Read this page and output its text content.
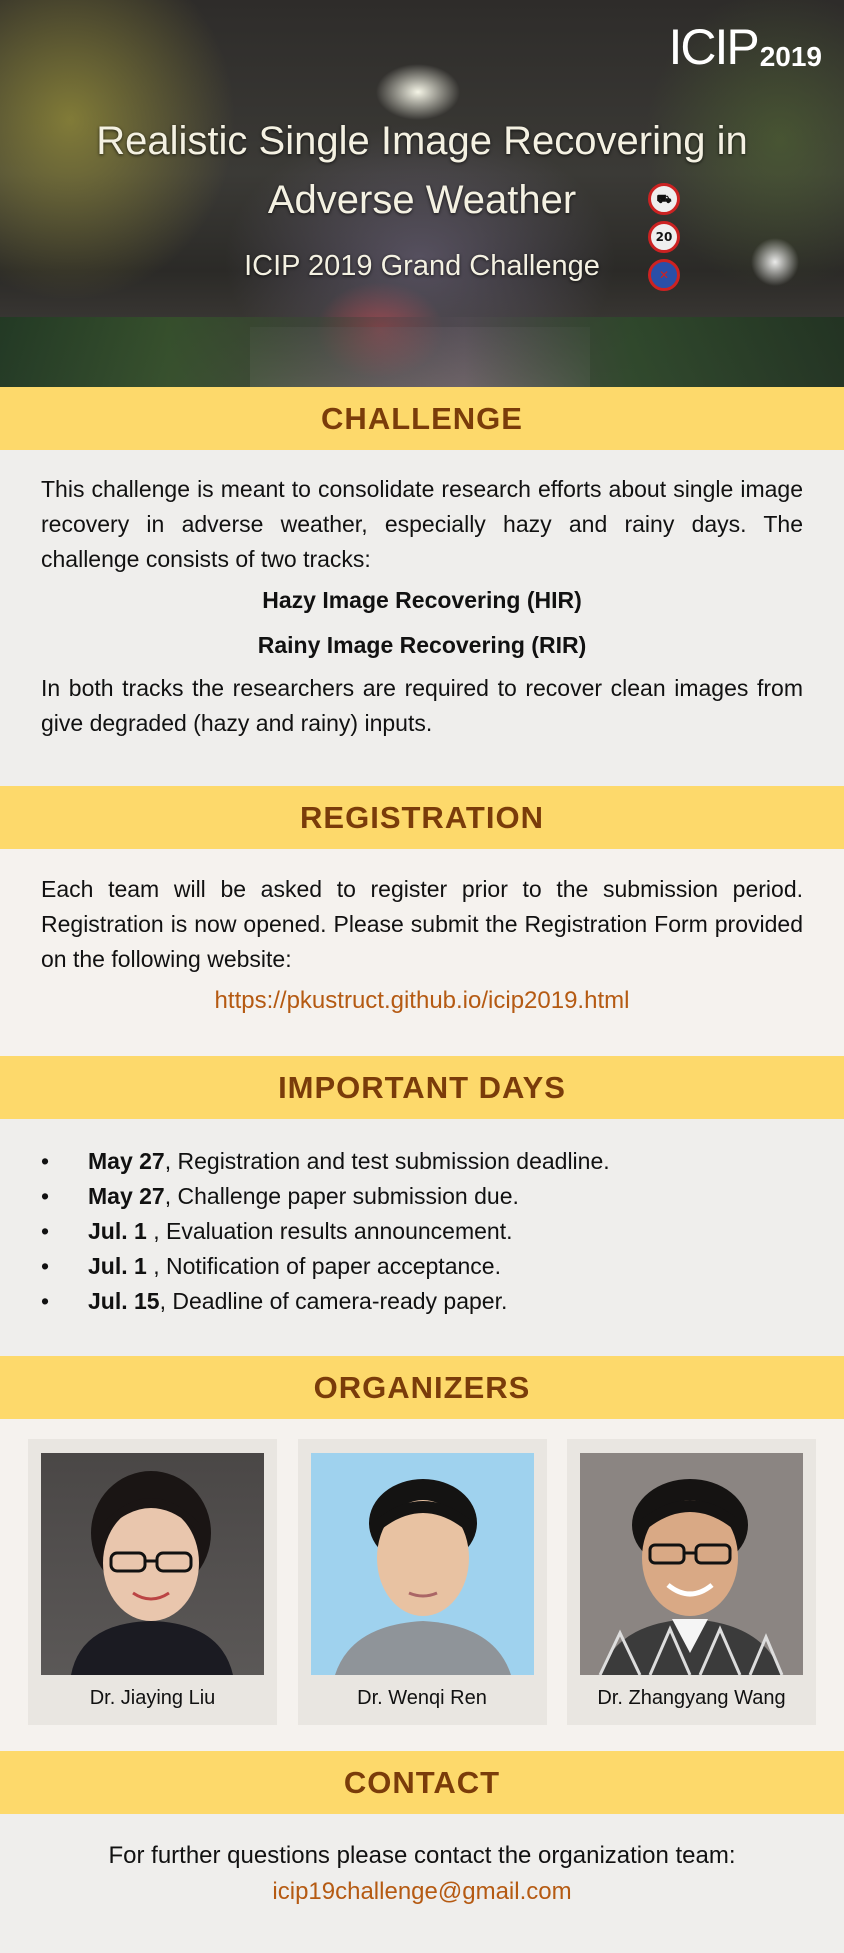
ICIP 2019
⛟
20
✕
Realistic Single Image Recovering in
Adverse Weather
ICIP 2019 Grand Challenge
CHALLENGE

This challenge is meant to consolidate research efforts about single image recovery in adverse weather, especially hazy and rainy days. The challenge consists of two tracks:

Hazy Image Recovering (HIR)

Rainy Image Recovering (RIR)

In both tracks the researchers are required to recover clean images from give degraded (hazy and rainy) inputs.

REGISTRATION

Each team will be asked to register prior to the submission period. Registration is now opened. Please submit the Registration Form provided on the following website:

https://pkustruct.github.io/icip2019.html
IMPORTANT DAYS
•	May 27, Registration and test submission deadline.
•	May 27, Challenge paper submission due.
•	Jul. 1 , Evaluation results announcement.
•	Jul. 1 , Notification of paper acceptance.
•	Jul. 15, Deadline of camera-ready paper.
ORGANIZERS
Dr. Jiaying Liu	Dr. Wenqi Ren	Dr. Zhangyang Wang
CONTACT
For further questions please contact the organization team:
icip19challenge@gmail.com
